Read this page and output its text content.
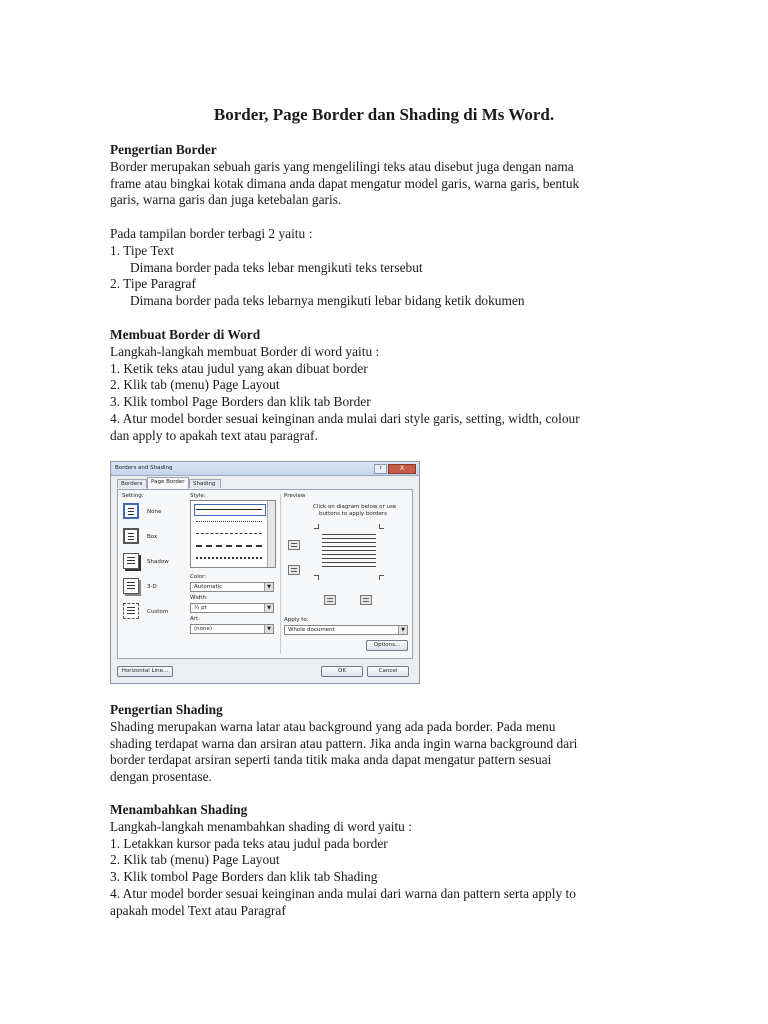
Border, Page Border dan Shading di Ms Word.

Pengertian Border

Border merupakan sebuah garis yang mengelilingi teks atau disebut juga dengan nama

frame atau bingkai kotak dimana anda dapat mengatur model garis, warna garis, bentuk

garis, warna garis dan juga ketebalan garis.

Pada tampilan border terbagi 2 yaitu :

1. Tipe Text

Dimana border pada teks lebar mengikuti teks tersebut

2. Tipe Paragraf

Dimana border pada teks lebarnya mengikuti lebar bidang ketik dokumen

Membuat Border di Word

Langkah-langkah membuat Border di word yaitu :

1. Ketik teks atau judul yang akan dibuat border

2. Klik tab (menu) Page Layout

3. Klik tombol Page Borders dan klik tab Border

4. Atur model border sesuai keinginan anda mulai dari style garis, setting, width, colour

dan apply to apakah text atau paragraf.

Borders and Shading	?	X
Borders	Page Border	Shading
Setting:
None
Box
Shadow
3-D
Custom
Style:
Color:
Automatic	▼
Width:
½ pt	▼
Art:
(none)	▼
Preview
Click on diagram below or use
buttons to apply borders
Apply to:
Whole document	▼
Options...
Horizontal Line...	OK	Cancel

Pengertian Shading

Shading merupakan warna latar atau background yang ada pada border. Pada menu

shading terdapat warna dan arsiran atau pattern. Jika anda ingin warna background dari

border terdapat arsiran seperti tanda titik maka anda dapat mengatur pattern sesuai

dengan prosentase.

Menambahkan Shading

Langkah-langkah menambahkan shading di word yaitu :

1. Letakkan kursor pada teks atau judul pada border

2. Klik tab (menu) Page Layout

3. Klik tombol Page Borders dan klik tab Shading

4. Atur model border sesuai keinginan anda mulai dari warna dan pattern serta apply to

apakah model Text atau Paragraf
